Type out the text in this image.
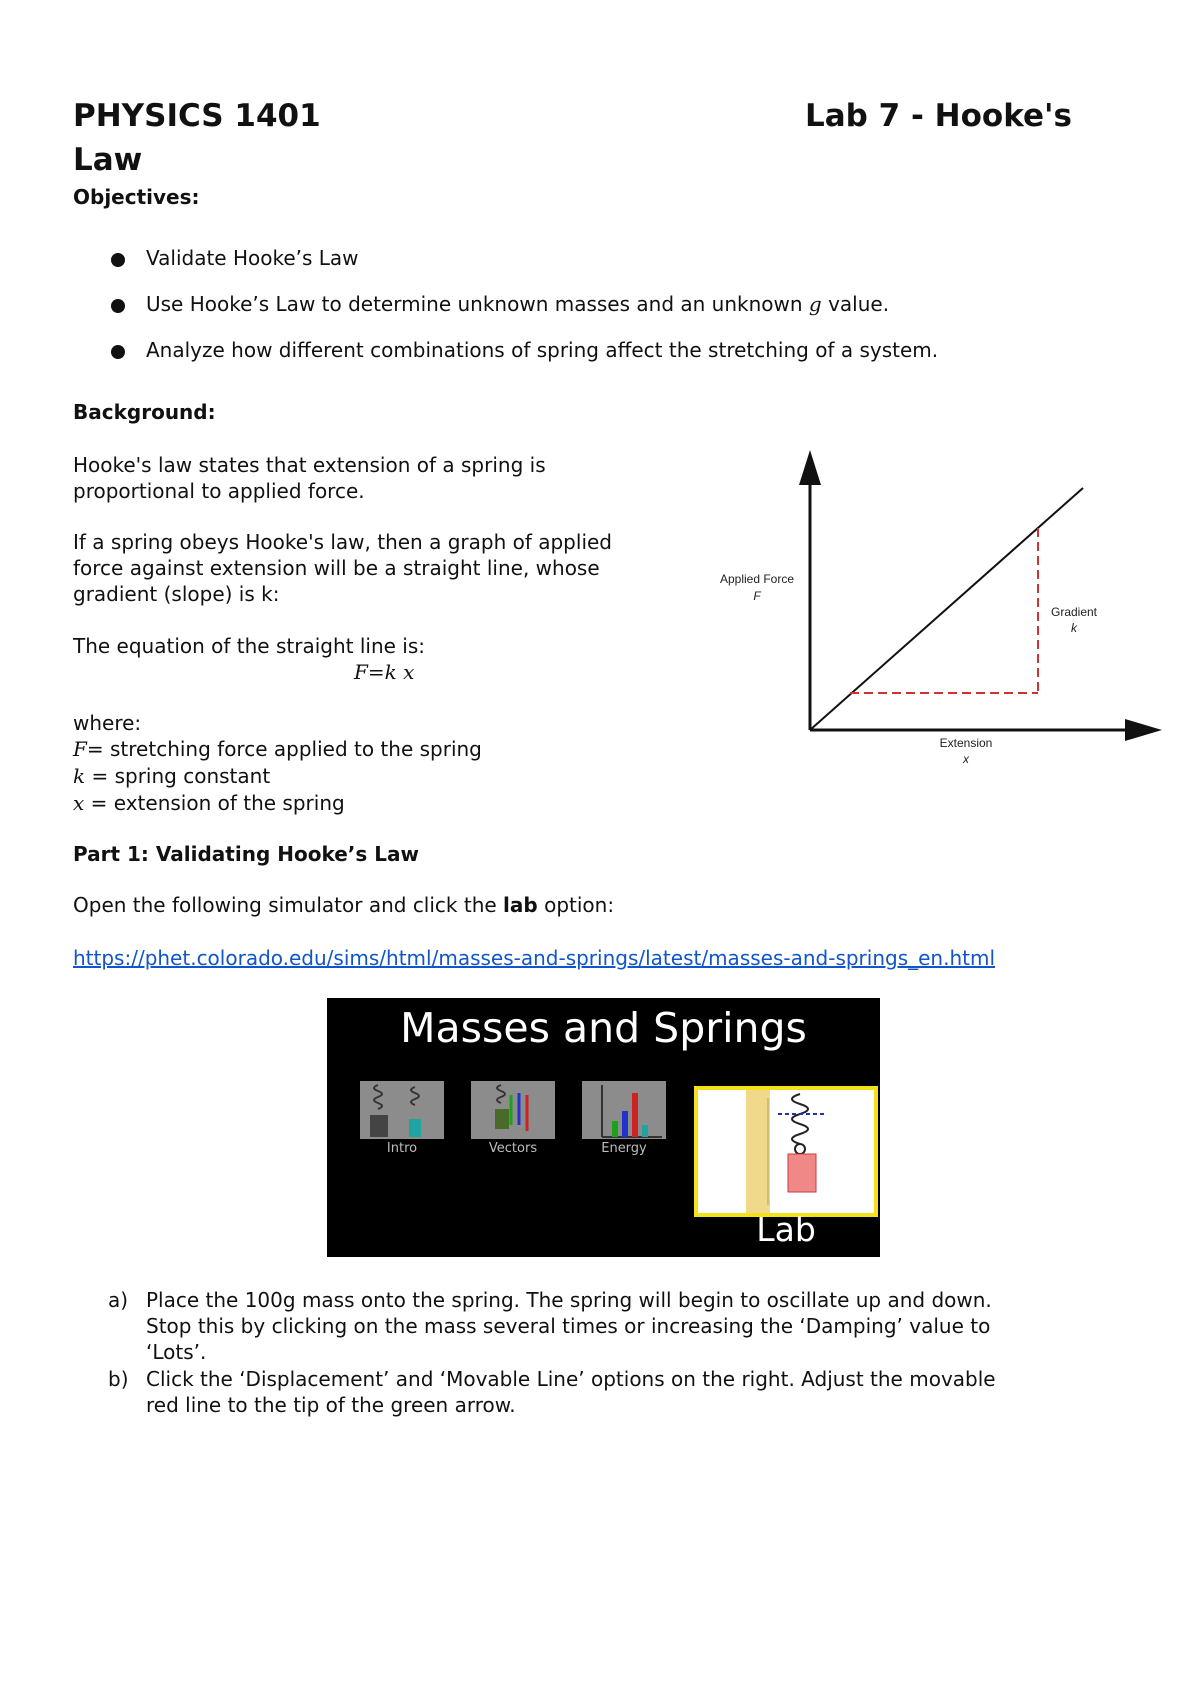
PHYSICS 1401	Lab 7 - Hooke's
Law
Objectives:
Validate Hooke’s Law
Use Hooke’s Law to determine unknown masses and an unknown g value.
Analyze how different combinations of spring affect the stretching of a system.
Background:
Hooke's law states that extension of a spring is
proportional to applied force.
If a spring obeys Hooke's law, then a graph of applied
force against extension will be a straight line, whose
gradient (slope) is k:
The equation of the straight line is:
F=k x
where:
F= stretching force applied to the spring
k = spring constant
x = extension of the spring
Applied Force
F
Gradient
k
Extension
x
Part 1: Validating Hooke’s Law
Open the following simulator and click the lab option:
https://phet.colorado.edu/sims/html/masses-and-springs/latest/masses-and-springs_en.html
Masses and Springs
Intro	Vectors	Energy
Lab
a) Place the 100g mass onto the spring. The spring will begin to oscillate up and down.
Stop this by clicking on the mass several times or increasing the ‘Damping’ value to
‘Lots’.
b) Click the ‘Displacement’ and ‘Movable Line’ options on the right. Adjust the movable
red line to the tip of the green arrow.
